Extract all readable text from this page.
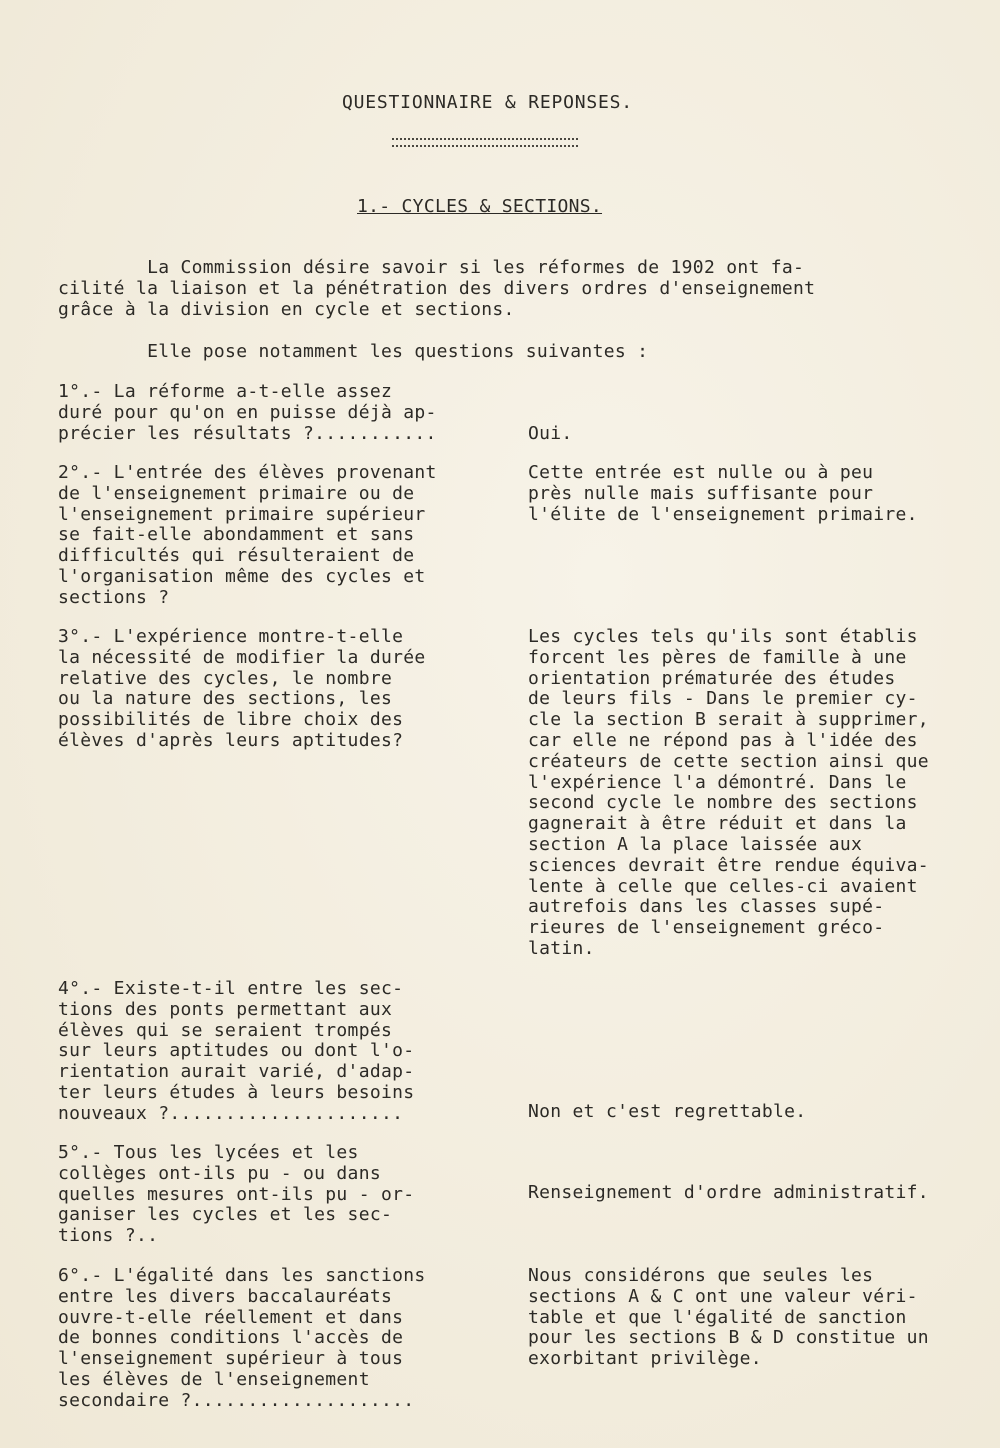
QUESTIONNAIRE & REPONSES.
1.- CYCLES & SECTIONS.
La Commission désire savoir si les réformes de 1902 ont fa-
cilité la liaison et la pénétration des divers ordres d'enseignement
grâce à la division en cycle et sections.
Elle pose notamment les questions suivantes :
1°.- La réforme a-t-elle assez
duré pour qu'on en puisse déjà ap-
précier les résultats ?...........	Oui.
2°.- L'entrée des élèves provenant
de l'enseignement primaire ou de
l'enseignement primaire supérieur
se fait-elle abondamment et sans
difficultés qui résulteraient de
l'organisation même des cycles et
sections ?
Cette entrée est nulle ou à peu
près nulle mais suffisante pour
l'élite de l'enseignement primaire.
3°.- L'expérience montre-t-elle
la nécessité de modifier la durée
relative des cycles, le nombre
ou la nature des sections, les
possibilités de libre choix des
élèves d'après leurs aptitudes?
Les cycles tels qu'ils sont établis
forcent les pères de famille à une
orientation prématurée des études
de leurs fils - Dans le premier cy-
cle la section B serait à supprimer,
car elle ne répond pas à l'idée des
créateurs de cette section ainsi que
l'expérience l'a démontré. Dans le
second cycle le nombre des sections
gagnerait à être réduit et dans la
section A la place laissée aux
sciences devrait être rendue équiva-
lente à celle que celles-ci avaient
autrefois dans les classes supé-
rieures de l'enseignement gréco-
latin.
4°.- Existe-t-il entre les sec-
tions des ponts permettant aux
élèves qui se seraient trompés
sur leurs aptitudes ou dont l'o-
rientation aurait varié, d'adap-
ter leurs études à leurs besoins
nouveaux ?.....................	Non et c'est regrettable.
5°.- Tous les lycées et les
collèges ont-ils pu - ou dans
quelles mesures ont-ils pu - or-
ganiser les cycles et les sec-
tions ?..
Renseignement d'ordre administratif.
6°.- L'égalité dans les sanctions
entre les divers baccalauréats
ouvre-t-elle réellement et dans
de bonnes conditions l'accès de
l'enseignement supérieur à tous
les élèves de l'enseignement
secondaire ?....................
Nous considérons que seules les
sections A & C ont une valeur véri-
table et que l'égalité de sanction
pour les sections B & D constitue un
exorbitant privilège.
